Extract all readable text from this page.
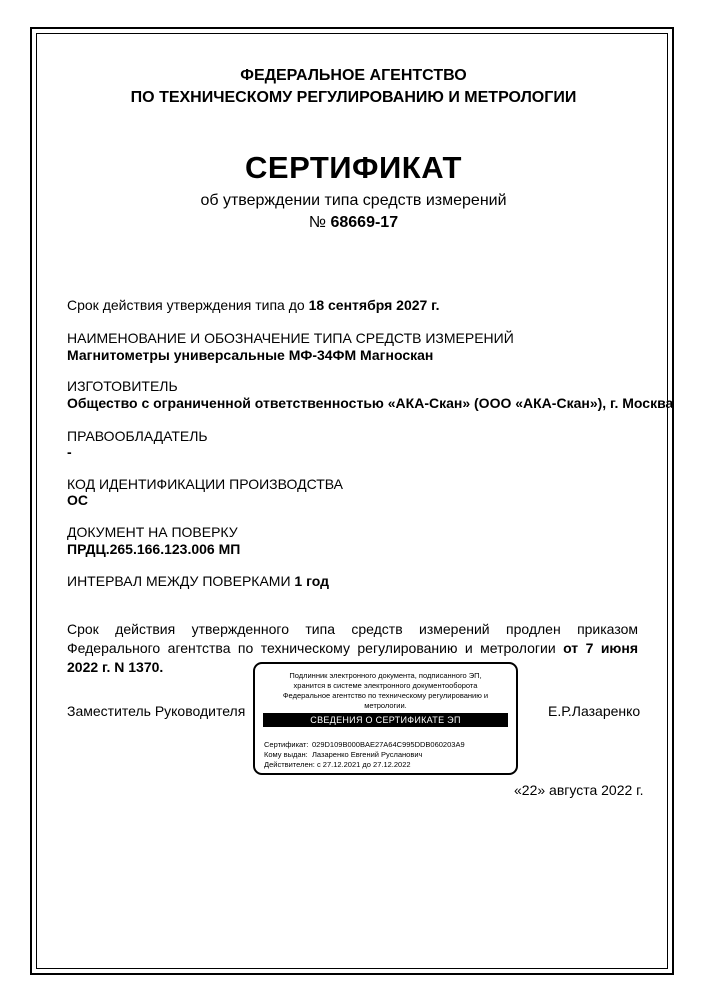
ФЕДЕРАЛЬНОЕ АГЕНТСТВО
ПО ТЕХНИЧЕСКОМУ РЕГУЛИРОВАНИЮ И МЕТРОЛОГИИ
СЕРТИФИКАТ
об утверждении типа средств измерений
№ 68669-17
Срок действия утверждения типа до 18 сентября 2027 г.
НАИМЕНОВАНИЕ И ОБОЗНАЧЕНИЕ ТИПА СРЕДСТВ ИЗМЕРЕНИЙ
Магнитометры универсальные МФ-34ФМ Магноскан
ИЗГОТОВИТЕЛЬ
Общество с ограниченной ответственностью «АКА-Скан» (ООО «АКА-Скан»), г. Москва
ПРАВООБЛАДАТЕЛЬ
-
КОД ИДЕНТИФИКАЦИИ ПРОИЗВОДСТВА
ОС
ДОКУМЕНТ НА ПОВЕРКУ
ПРДЦ.265.166.123.006 МП
ИНТЕРВАЛ МЕЖДУ ПОВЕРКАМИ 1 год
Срок действия утвержденного типа средств измерений продлен приказом Федерального агентства по техническому регулированию и метрологии от 7 июня 2022 г. N 1370.
Заместитель Руководителя
Подлинник электронного документа, подписанного ЭП,
хранится в системе электронного документооборота
Федеральное агентство по техническому регулированию и
метрологии.
СВЕДЕНИЯ О СЕРТИФИКАТЕ ЭП
Сертификат: 029D109B000BAE27A64C995DDB060203A9
Кому выдан: Лазаренко Евгений Русланович
Действителен: с 27.12.2021 до 27.12.2022
Е.Р.Лазаренко
«22» августа 2022 г.
